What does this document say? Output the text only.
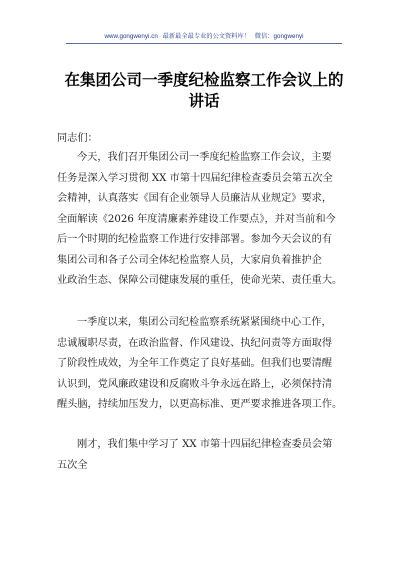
www.gongwenyi.cn 最新最全最专业的公文资料库！ 微信：gongwenyi
在集团公司一季度纪检监察工作会议上的
讲话
同志们：
今天，我们召开集团公司一季度纪检监察工作会议，主要
任务是深入学习贯彻 XX 市第十四届纪律检查委员会第五次全
会精神，认真落实《国有企业领导人员廉洁从业规定》要求，
全面解读《2026 年度清廉素养建设工作要点》，并对当前和今
后一个时期的纪检监察工作进行安排部署。参加今天会议的有
集团公司和各子公司全体纪检监察人员，大家肩负着推护企
业政治生态、保障公司健康发展的重任，使命光荣、责任重大。
一季度以来，集团公司纪检监察系统紧紧围绕中心工作，
忠诚履职尽责，在政治监督、作风建设、执纪问责等方面取得
了阶段性成效，为全年工作奠定了良好基础。但我们也要清醒
认识到，党风廉政建设和反腐败斗争永远在路上，必须保持清
醒头脑，持续加压发力，以更高标准、更严要求推进各项工作。
刚才，我们集中学习了 XX 市第十四届纪律检查委员会第
五次全
